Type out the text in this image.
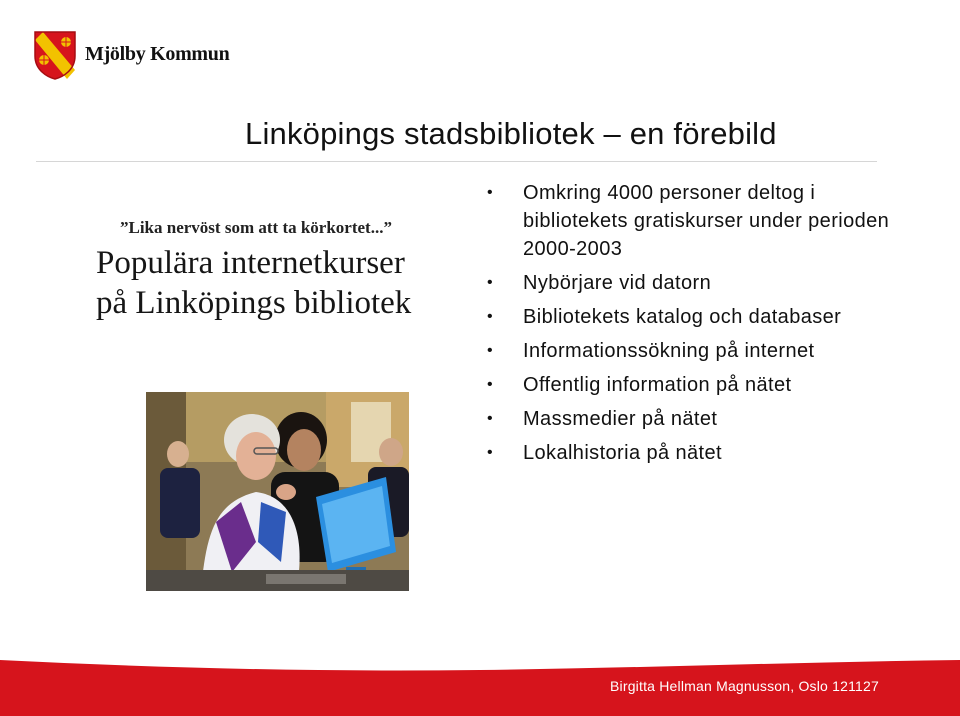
Mjölby Kommun
Linköpings stadsbibliotek – en förebild
”Lika nervöst som att ta körkortet...”
Populära internetkurser
på Linköpings bibliotek
• Omkring 4000 personer deltog i bibliotekets gratiskurser under perioden 2000-2003
• Nybörjare vid datorn
• Bibliotekets katalog och databaser
• Informationssökning på internet
• Offentlig information på nätet
• Massmedier på nätet
• Lokalhistoria på nätet
Birgitta Hellman Magnusson, Oslo 121127
